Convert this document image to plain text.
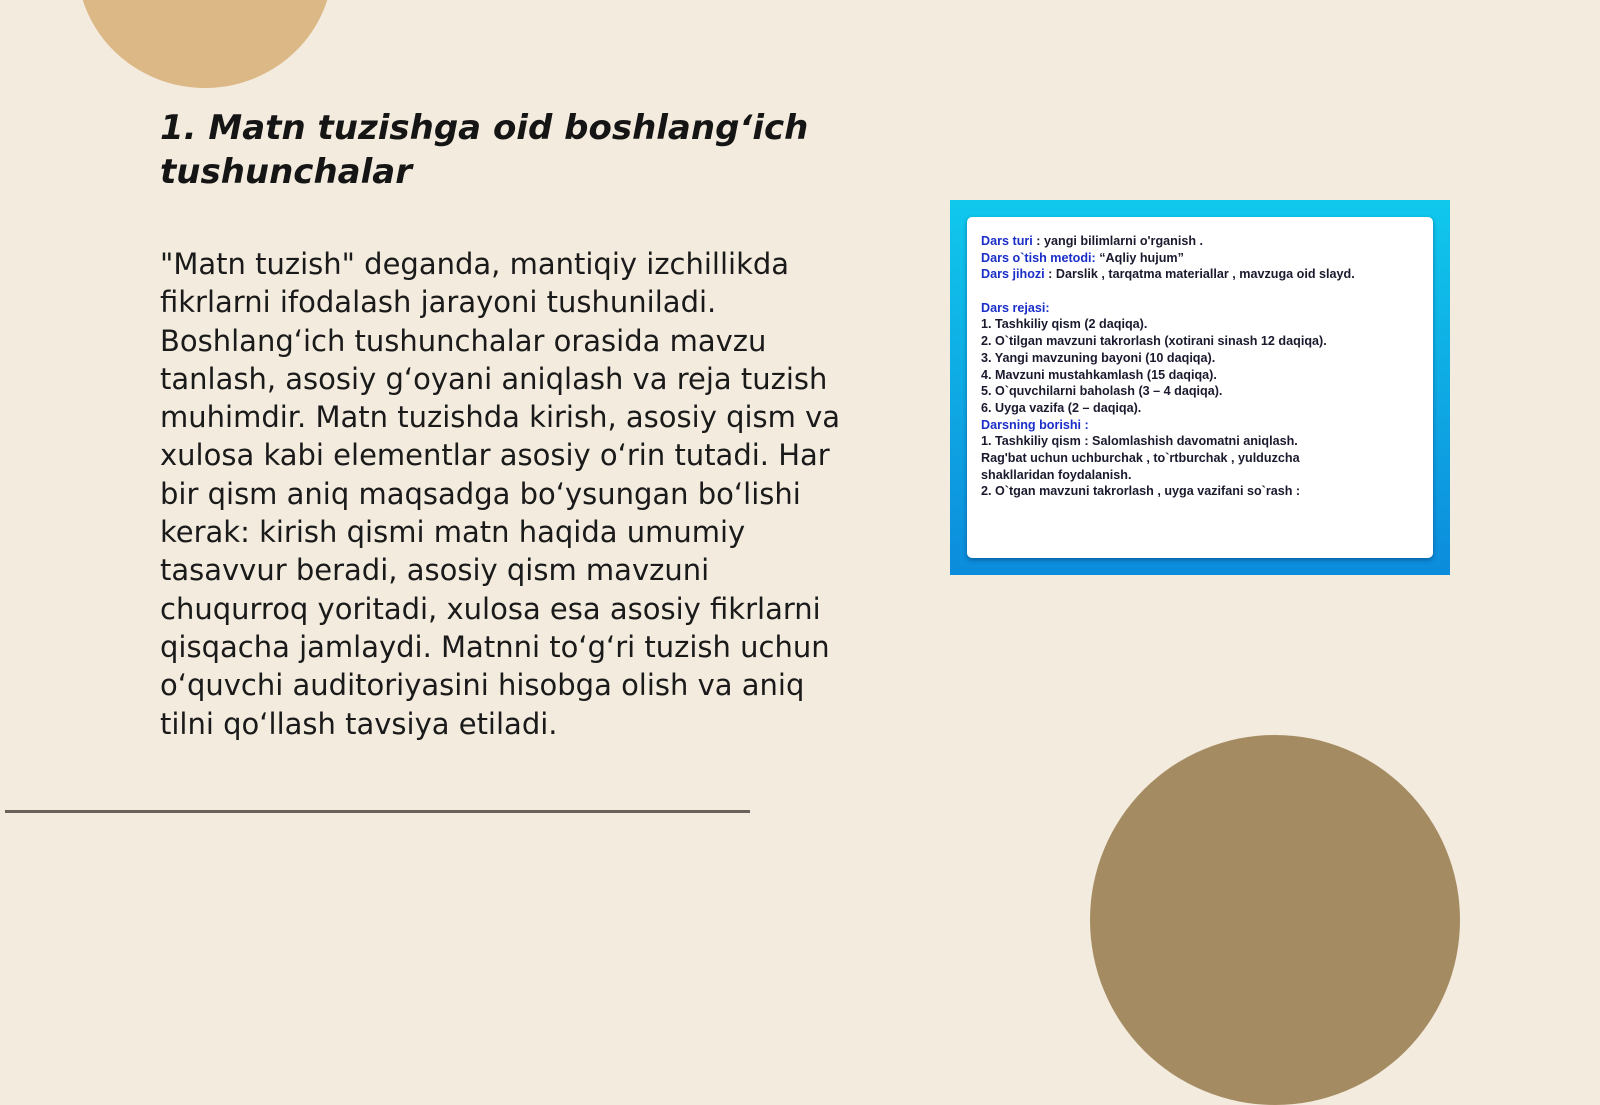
1. Matn tuzishga oid boshlang‘ich tushunchalar

"Matn tuzish" deganda, mantiqiy izchillikda fikrlarni ifodalash jarayoni tushuniladi. Boshlang‘ich tushunchalar orasida mavzu tanlash, asosiy g‘oyani aniqlash va reja tuzish muhimdir. Matn tuzishda kirish, asosiy qism va xulosa kabi elementlar asosiy o‘rin tutadi. Har bir qism aniq maqsadga bo‘ysungan bo‘lishi kerak: kirish qismi matn haqida umumiy tasavvur beradi, asosiy qism mavzuni chuqurroq yoritadi, xulosa esa asosiy fikrlarni qisqacha jamlaydi. Matnni to‘g‘ri tuzish uchun o‘quvchi auditoriyasini hisobga olish va aniq tilni qo‘llash tavsiya etiladi.

Dars turi : yangi bilimlarni o'rganish .
Dars o`tish metodi: “Aqliy hujum”
Dars jihozi : Darslik , tarqatma materiallar , mavzuga oid slayd.
Dars rejasi:
1. Tashkiliy qism (2 daqiqa).
2. O`tilgan mavzuni takrorlash (xotirani sinash 12 daqiqa).
3. Yangi mavzuning bayoni (10 daqiqa).
4. Mavzuni mustahkamlash (15 daqiqa).
5. O`quvchilarni baholash (3 – 4 daqiqa).
6. Uyga vazifa (2 – daqiqa).
Darsning borishi :
1. Tashkiliy qism : Salomlashish davomatni aniqlash.
Rag'bat uchun uchburchak , to`rtburchak , yulduzcha
shakllaridan foydalanish.
2. O`tgan mavzuni takrorlash , uyga vazifani so`rash :
